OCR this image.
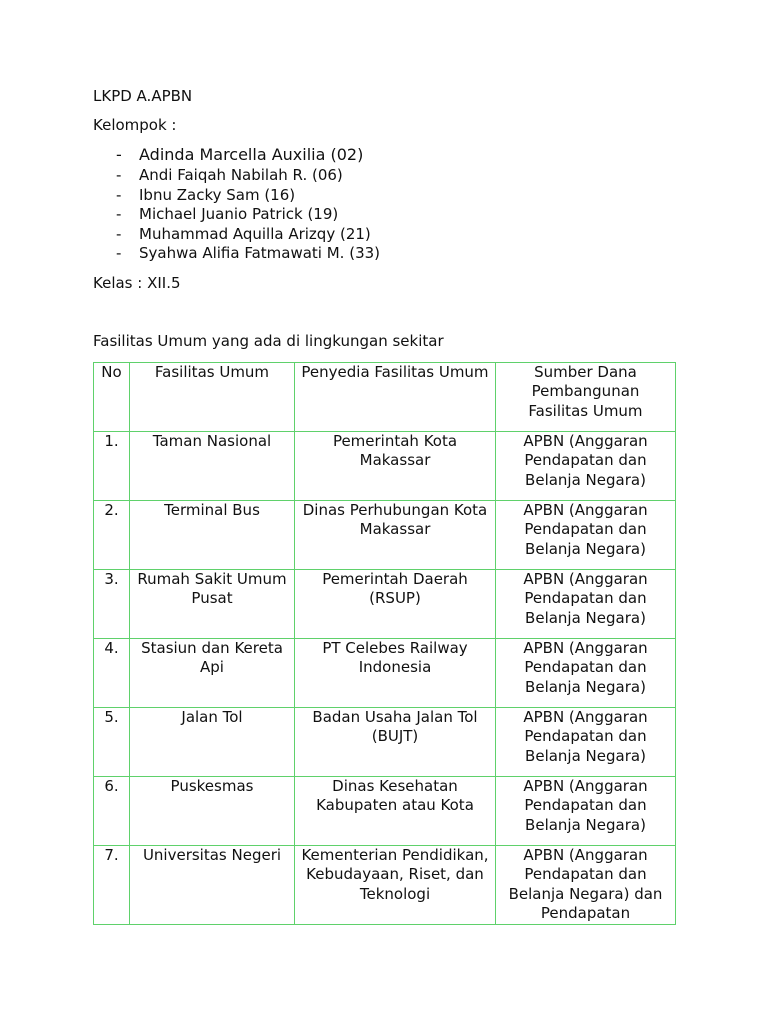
LKPD A.APBN
Kelompok :
- Adinda Marcella Auxilia (02)
- Andi Faiqah Nabilah R. (06)
- Ibnu Zacky Sam (16)
- Michael Juanio Patrick (19)
- Muhammad Aquilla Arizqy (21)
- Syahwa Alifia Fatmawati M. (33)
Kelas : XII.5
Fasilitas Umum yang ada di lingkungan sekitar
No	Fasilitas Umum	Penyedia Fasilitas Umum	Sumber Dana Pembangunan Fasilitas Umum
1.	Taman Nasional	Pemerintah Kota Makassar	APBN (Anggaran Pendapatan dan Belanja Negara)
2.	Terminal Bus	Dinas Perhubungan Kota Makassar	APBN (Anggaran Pendapatan dan Belanja Negara)
3.	Rumah Sakit Umum Pusat	Pemerintah Daerah (RSUP)	APBN (Anggaran Pendapatan dan Belanja Negara)
4.	Stasiun dan Kereta Api	PT Celebes Railway Indonesia	APBN (Anggaran Pendapatan dan Belanja Negara)
5.	Jalan Tol	Badan Usaha Jalan Tol (BUJT)	APBN (Anggaran Pendapatan dan Belanja Negara)
6.	Puskesmas	Dinas Kesehatan Kabupaten atau Kota	APBN (Anggaran Pendapatan dan Belanja Negara)
7.	Universitas Negeri	Kementerian Pendidikan, Kebudayaan, Riset, dan Teknologi	APBN (Anggaran Pendapatan dan Belanja Negara) dan Pendapatan
